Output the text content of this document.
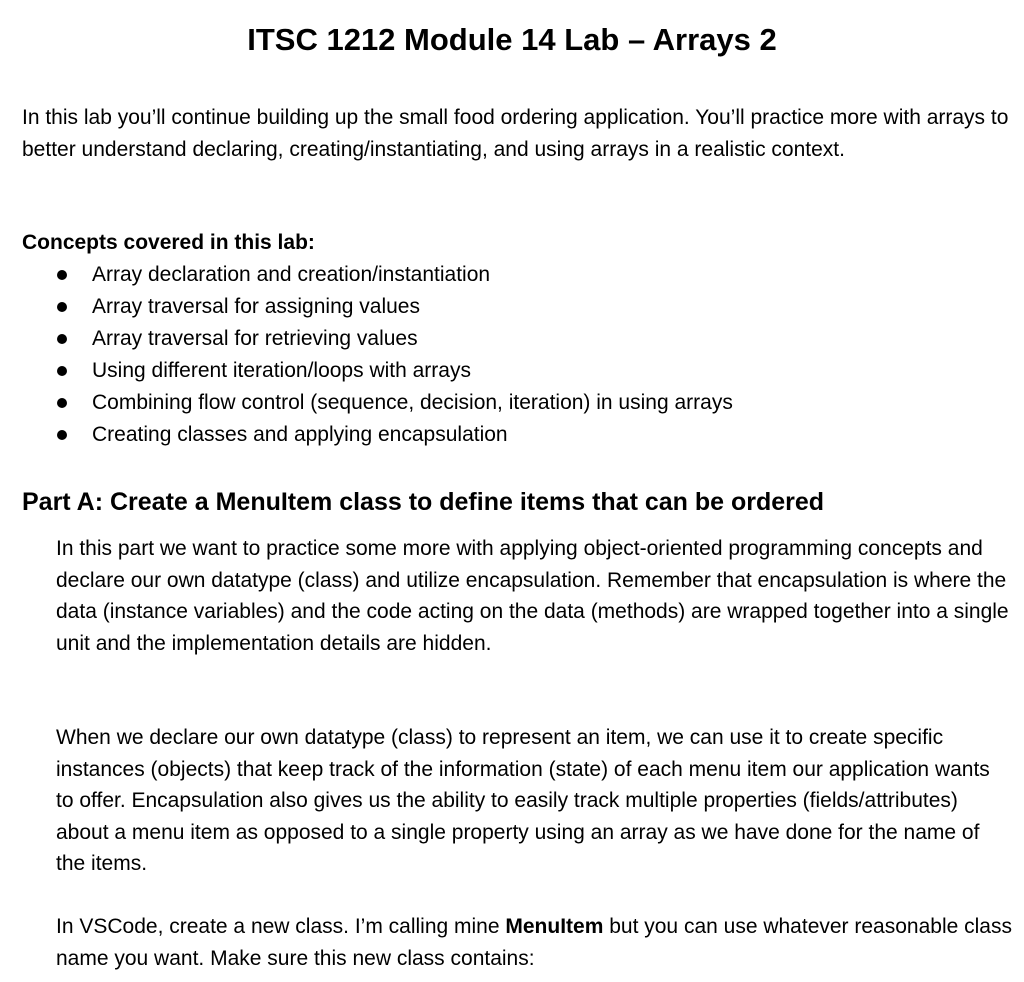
ITSC 1212 Module 14 Lab – Arrays 2

In this lab you’ll continue building up the small food ordering application. You’ll practice more with arrays to better understand declaring, creating/instantiating, and using arrays in a realistic context.

Concepts covered in this lab:

Array declaration and creation/instantiation
Array traversal for assigning values
Array traversal for retrieving values
Using different iteration/loops with arrays
Combining flow control (sequence, decision, iteration) in using arrays
Creating classes and applying encapsulation
Part A: Create a MenuItem class to define items that can be ordered

In this part we want to practice some more with applying object-oriented programming concepts and declare our own datatype (class) and utilize encapsulation. Remember that encapsulation is where the data (instance variables) and the code acting on the data (methods) are wrapped together into a single unit and the implementation details are hidden.

When we declare our own datatype (class) to represent an item, we can use it to create specific instances (objects) that keep track of the information (state) of each menu item our application wants to offer. Encapsulation also gives us the ability to easily track multiple properties (fields/attributes) about a menu item as opposed to a single property using an array as we have done for the name of the items.

In VSCode, create a new class. I’m calling mine MenuItem but you can use whatever reasonable class name you want. Make sure this new class contains:
